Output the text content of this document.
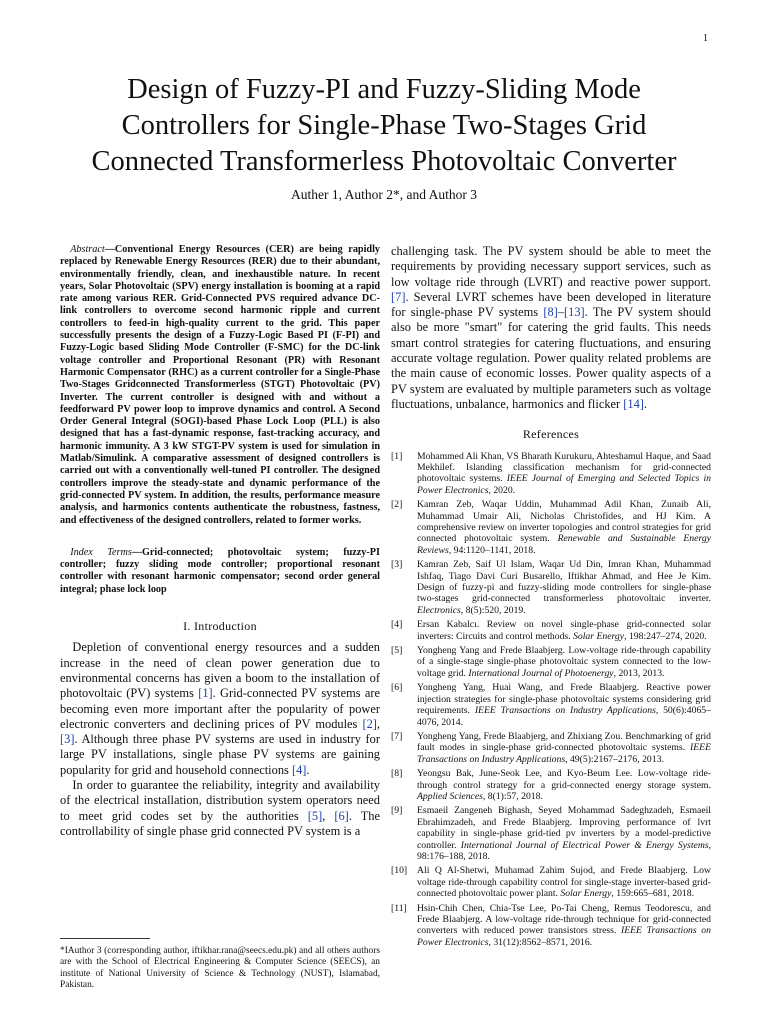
1
Design of Fuzzy-PI and Fuzzy-Sliding Mode Controllers for Single-Phase Two-Stages Grid Connected Transformerless Photovoltaic Converter
Auther 1, Author 2*, and Author 3

Abstract—Conventional Energy Resources (CER) are being rapidly replaced by Renewable Energy Resources (RER) due to their abundant, environmentally friendly, clean, and inexhaustible nature. In recent years, Solar Photovoltaic (SPV) energy installation is booming at a rapid rate among various RER. Grid-Connected PVS required advance DC-link controllers to overcome second harmonic ripple and current controllers to feed-in high-quality current to the grid. This paper successfully presents the design of a Fuzzy-Logic Based PI (F-PI) and Fuzzy-Logic based Sliding Mode Controller (F-SMC) for the DC-link voltage controller and Proportional Resonant (PR) with Resonant Harmonic Compensator (RHC) as a current controller for a Single-Phase Two-Stages Gridconnected Transformerless (STGT) Photovoltaic (PV) Inverter. The current controller is designed with and without a feedforward PV power loop to improve dynamics and control. A Second Order General Integral (SOGI)-based Phase Lock Loop (PLL) is also designed that has a fast-dynamic response, fast-tracking accuracy, and harmonic immunity. A 3 kW STGT-PV system is used for simulation in Matlab/Simulink. A comparative assessment of designed controllers is carried out with a conventionally well-tuned PI controller. The designed controllers improve the steady-state and dynamic performance of the grid-connected PV system. In addition, the results, performance measure analysis, and harmonics contents authenticate the robustness, fastness, and effectiveness of the designed controllers, related to former works.

Index Terms—Grid-connected; photovoltaic system; fuzzy-PI controller; fuzzy sliding mode controller; proportional resonant controller with resonant harmonic compensator; second order general integral; phase lock loop

I. Introduction

Depletion of conventional energy resources and a sudden increase in the need of clean power generation due to environmental concerns has given a boom to the installation of photovoltaic (PV) systems [1]. Grid-connected PV systems are becoming even more important after the popularity of power electronic converters and declining prices of PV modules [2], [3]. Although three phase PV systems are used in industry for large PV installations, single phase PV systems are gaining popularity for grid and household connections [4].

In order to guarantee the reliability, integrity and availability of the electrical installation, distribution system operators need to meet grid codes set by the authorities [5], [6]. The controllability of single phase grid connected PV system is a

*IAuthor 3 (corresponding author, iftikhar.rana@seecs.edu.pk) and all others authors are with the School of Electrical Engineering & Computer Science (SEECS), an institute of National University of Science & Technology (NUST), Islamabad, Pakistan.

challenging task. The PV system should be able to meet the requirements by providing necessary support services, such as low voltage ride through (LVRT) and reactive power support. [7]. Several LVRT schemes have been developed in literature for single-phase PV systems [8]–[13]. The PV system should also be more "smart" for catering the grid faults. This needs smart control strategies for catering fluctuations, and ensuring accurate voltage regulation. Power quality related problems are the main cause of economic losses. Power quality aspects of a PV system are evaluated by multiple parameters such as voltage fluctuations, unbalance, harmonics and flicker [14].

References
[1] Mohammed Ali Khan, VS Bharath Kurukuru, Ahteshamul Haque, and Saad Mekhilef. Islanding classification mechanism for grid-connected photovoltaic systems. IEEE Journal of Emerging and Selected Topics in Power Electronics, 2020.
[2] Kamran Zeb, Waqar Uddin, Muhammad Adil Khan, Zunaib Ali, Muhammad Umair Ali, Nicholas Christofides, and HJ Kim. A comprehensive review on inverter topologies and control strategies for grid connected photovoltaic system. Renewable and Sustainable Energy Reviews, 94:1120–1141, 2018.
[3] Kamran Zeb, Saif Ul Islam, Waqar Ud Din, Imran Khan, Muhammad Ishfaq, Tiago Davi Curi Busarello, Iftikhar Ahmad, and Hee Je Kim. Design of fuzzy-pi and fuzzy-sliding mode controllers for single-phase two-stages grid-connected transformerless photovoltaic inverter. Electronics, 8(5):520, 2019.
[4] Ersan Kabalcı. Review on novel single-phase grid-connected solar inverters: Circuits and control methods. Solar Energy, 198:247–274, 2020.
[5] Yongheng Yang and Frede Blaabjerg. Low-voltage ride-through capability of a single-stage single-phase photovoltaic system connected to the low-voltage grid. International Journal of Photoenergy, 2013, 2013.
[6] Yongheng Yang, Huai Wang, and Frede Blaabjerg. Reactive power injection strategies for single-phase photovoltaic systems considering grid requirements. IEEE Transactions on Industry Applications, 50(6):4065–4076, 2014.
[7] Yongheng Yang, Frede Blaabjerg, and Zhixiang Zou. Benchmarking of grid fault modes in single-phase grid-connected photovoltaic systems. IEEE Transactions on Industry Applications, 49(5):2167–2176, 2013.
[8] Yeongsu Bak, June-Seok Lee, and Kyo-Beum Lee. Low-voltage ride-through control strategy for a grid-connected energy storage system. Applied Sciences, 8(1):57, 2018.
[9] Esmaeil Zangeneh Bighash, Seyed Mohammad Sadeghzadeh, Esmaeil Ebrahimzadeh, and Frede Blaabjerg. Improving performance of lvrt capability in single-phase grid-tied pv inverters by a model-predictive controller. International Journal of Electrical Power & Energy Systems, 98:176–188, 2018.
[10] Ali Q Al-Shetwi, Muhamad Zahim Sujod, and Frede Blaabjerg. Low voltage ride-through capability control for single-stage inverter-based grid-connected photovoltaic power plant. Solar Energy, 159:665–681, 2018.
[11] Hsin-Chih Chen, Chia-Tse Lee, Po-Tai Cheng, Remus Teodorescu, and Frede Blaabjerg. A low-voltage ride-through technique for grid-connected converters with reduced power transistors stress. IEEE Transactions on Power Electronics, 31(12):8562–8571, 2016.
